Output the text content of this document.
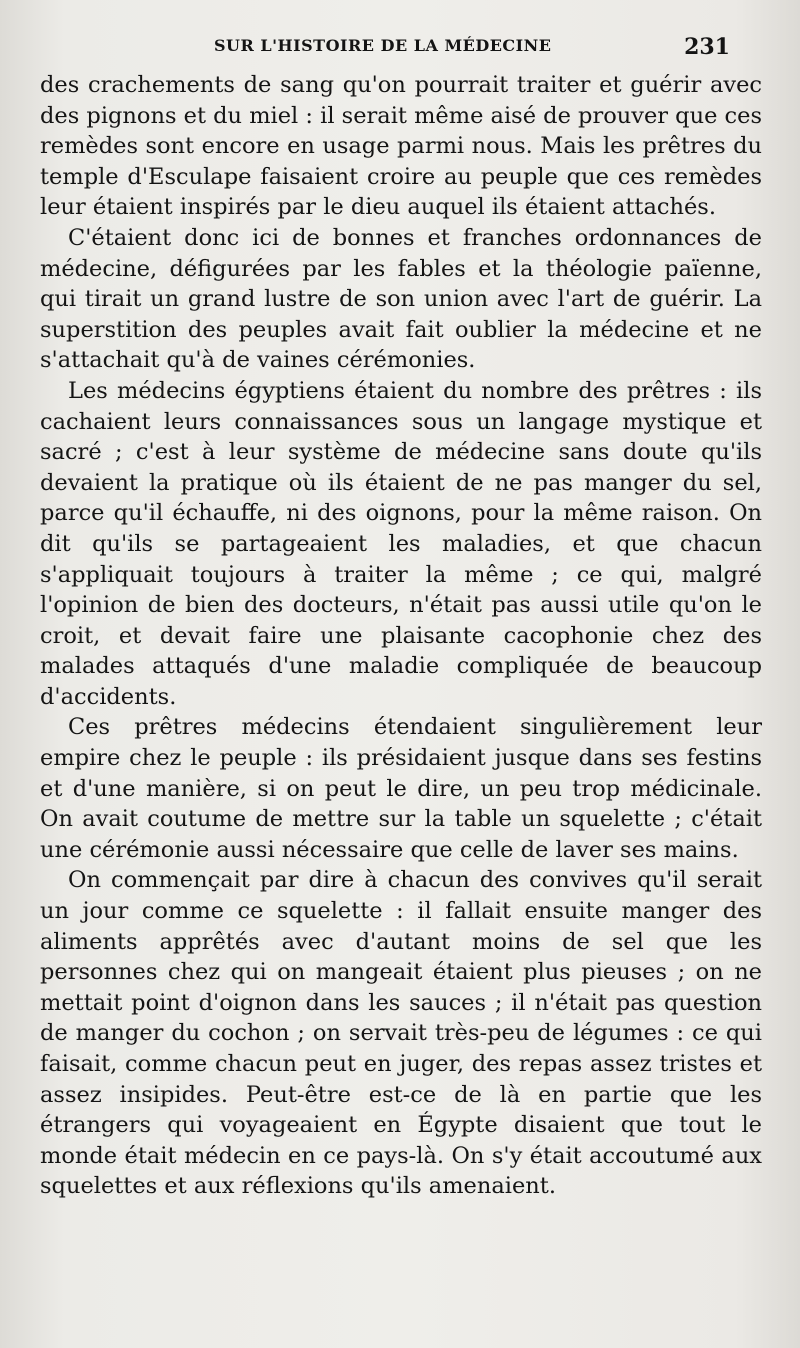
SUR L'HISTOIRE DE LA MÉDECINE	231

des crachements de sang qu'on pourrait traiter et guérir avec des pignons et du miel : il serait même aisé de prouver que ces remèdes sont encore en usage parmi nous. Mais les prêtres du temple d'Esculape faisaient croire au peuple que ces remèdes leur étaient inspirés par le dieu auquel ils étaient attachés.

C'étaient donc ici de bonnes et franches ordonnances de médecine, défigurées par les fables et la théologie païenne, qui tirait un grand lustre de son union avec l'art de guérir. La superstition des peuples avait fait oublier la médecine et ne s'attachait qu'à de vaines cérémonies.

Les médecins égyptiens étaient du nombre des prêtres : ils cachaient leurs connaissances sous un langage mystique et sacré ; c'est à leur système de médecine sans doute qu'ils devaient la pratique où ils étaient de ne pas manger du sel, parce qu'il échauffe, ni des oignons, pour la même raison. On dit qu'ils se partageaient les maladies, et que chacun s'appliquait toujours à traiter la même ; ce qui, malgré l'opinion de bien des docteurs, n'était pas aussi utile qu'on le croit, et devait faire une plaisante cacophonie chez des malades attaqués d'une maladie compliquée de beaucoup d'accidents.

Ces prêtres médecins étendaient singulièrement leur empire chez le peuple : ils présidaient jusque dans ses festins et d'une manière, si on peut le dire, un peu trop médicinale. On avait coutume de mettre sur la table un squelette ; c'était une cérémonie aussi nécessaire que celle de laver ses mains.

On commençait par dire à chacun des convives qu'il serait un jour comme ce squelette : il fallait ensuite manger des aliments apprêtés avec d'autant moins de sel que les personnes chez qui on mangeait étaient plus pieuses ; on ne mettait point d'oignon dans les sauces ; il n'était pas question de manger du cochon ; on servait très-peu de légumes : ce qui faisait, comme chacun peut en juger, des repas assez tristes et assez insipides. Peut-être est-ce de là en partie que les étrangers qui voyageaient en Égypte disaient que tout le monde était médecin en ce pays-là. On s'y était accoutumé aux squelettes et aux réflexions qu'ils amenaient.
